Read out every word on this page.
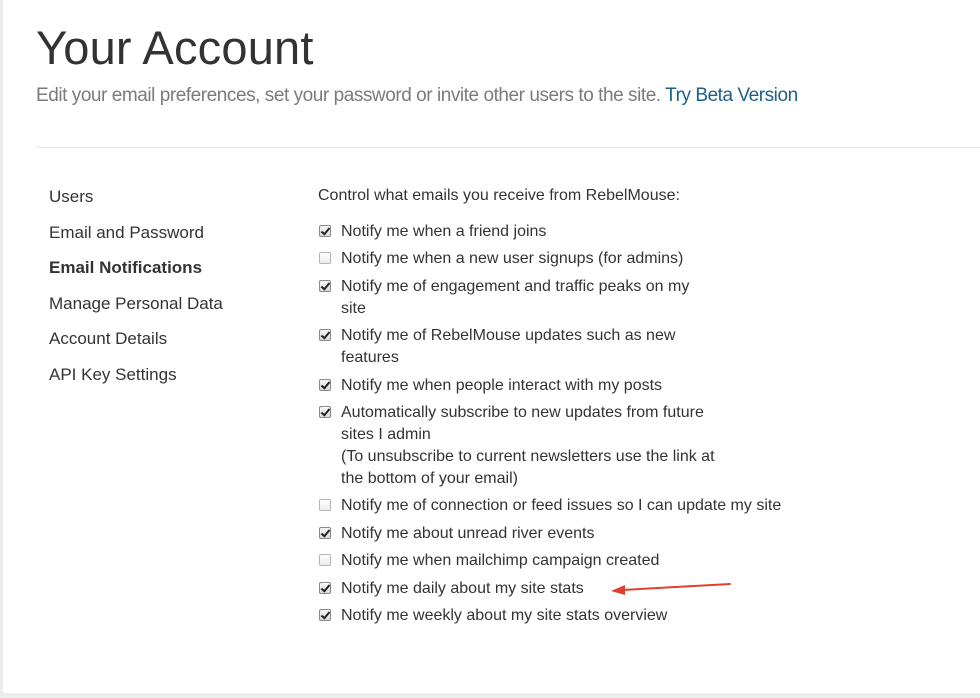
Your Account
Edit your email preferences, set your password or invite other users to the site. Try Beta Version
Users
Email and Password
Email Notifications
Manage Personal Data
Account Details
API Key Settings
Control what emails you receive from RebelMouse:
Notify me when a friend joins
Notify me when a new user signups (for admins)
Notify me of engagement and traffic peaks on my site
Notify me of RebelMouse updates such as new features
Notify me when people interact with my posts
Automatically subscribe to new updates from future sites I admin
(To unsubscribe to current newsletters use the link at the bottom of your email)
Notify me of connection or feed issues so I can update my site
Notify me about unread river events
Notify me when mailchimp campaign created
Notify me daily about my site stats
Notify me weekly about my site stats overview
